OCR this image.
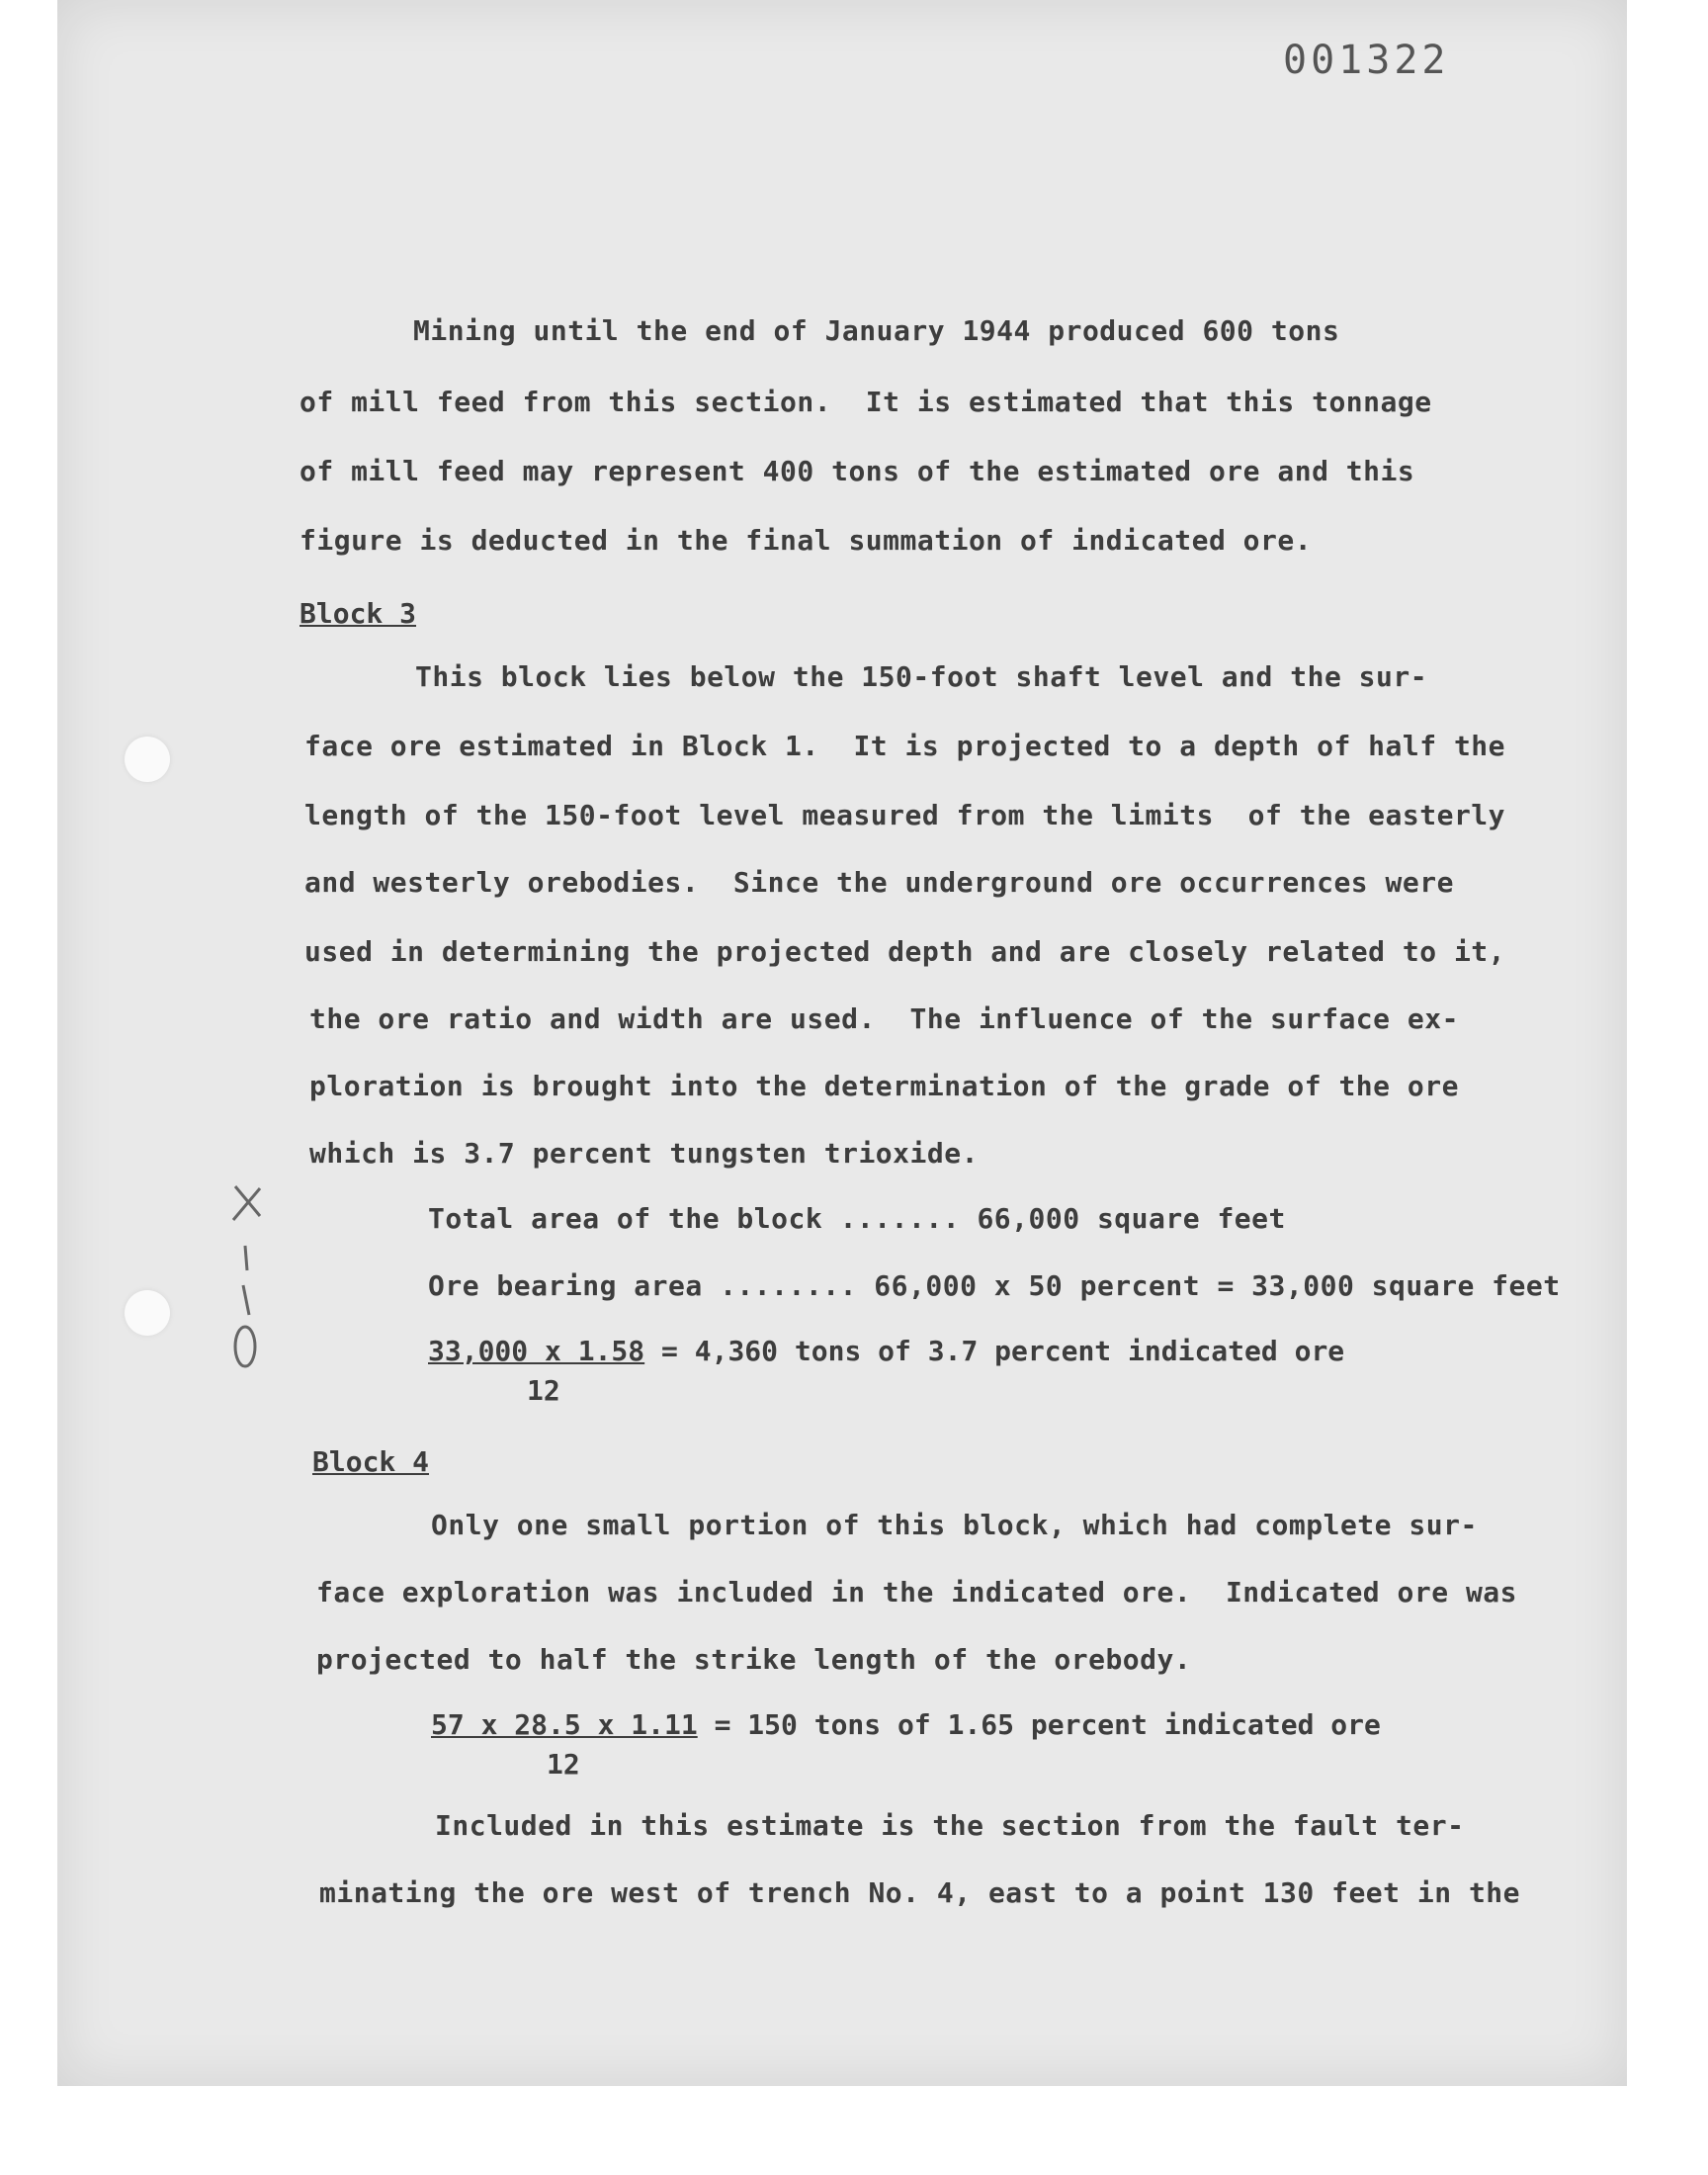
001322
Mining until the end of January 1944 produced 600 tons
of mill feed from this section.  It is estimated that this tonnage
of mill feed may represent 400 tons of the estimated ore and this
figure is deducted in the final summation of indicated ore.
Block 3
This block lies below the 150-foot shaft level and the sur-
face ore estimated in Block 1.  It is projected to a depth of half the
length of the 150-foot level measured from the limits  of the easterly
and westerly orebodies.  Since the underground ore occurrences were
used in determining the projected depth and are closely related to it,
the ore ratio and width are used.  The influence of the surface ex-
ploration is brought into the determination of the grade of the ore
which is 3.7 percent tungsten trioxide.
Total area of the block ....... 66,000 square feet
Ore bearing area ........ 66,000 x 50 percent = 33,000 square feet
33,000 x 1.58 = 4,360 tons of 3.7 percent indicated ore
12
Block 4
Only one small portion of this block, which had complete sur-
face exploration was included in the indicated ore.  Indicated ore was
projected to half the strike length of the orebody.
57 x 28.5 x 1.11 = 150 tons of 1.65 percent indicated ore
12
Included in this estimate is the section from the fault ter-
minating the ore west of trench No. 4, east to a point 130 feet in the
